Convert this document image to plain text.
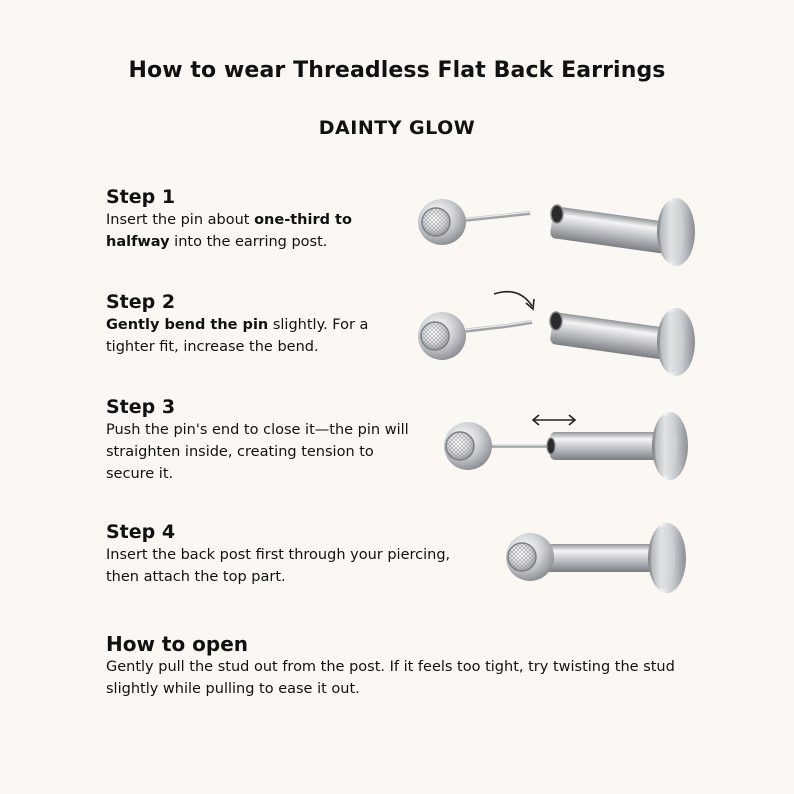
How to wear Threadless Flat Back Earrings
DAINTY GLOW
Step 1

Insert the pin about one-third to halfway into the earring post.

Step 2

Gently bend the pin slightly. For a tighter fit, increase the bend.

Step 3

Push the pin's end to close it—the pin will straighten inside, creating tension to secure it.

Step 4

Insert the back post first through your piercing, then attach the top part.

How to open

Gently pull the stud out from the post. If it feels too tight, try twisting the stud slightly while pulling to ease it out.
